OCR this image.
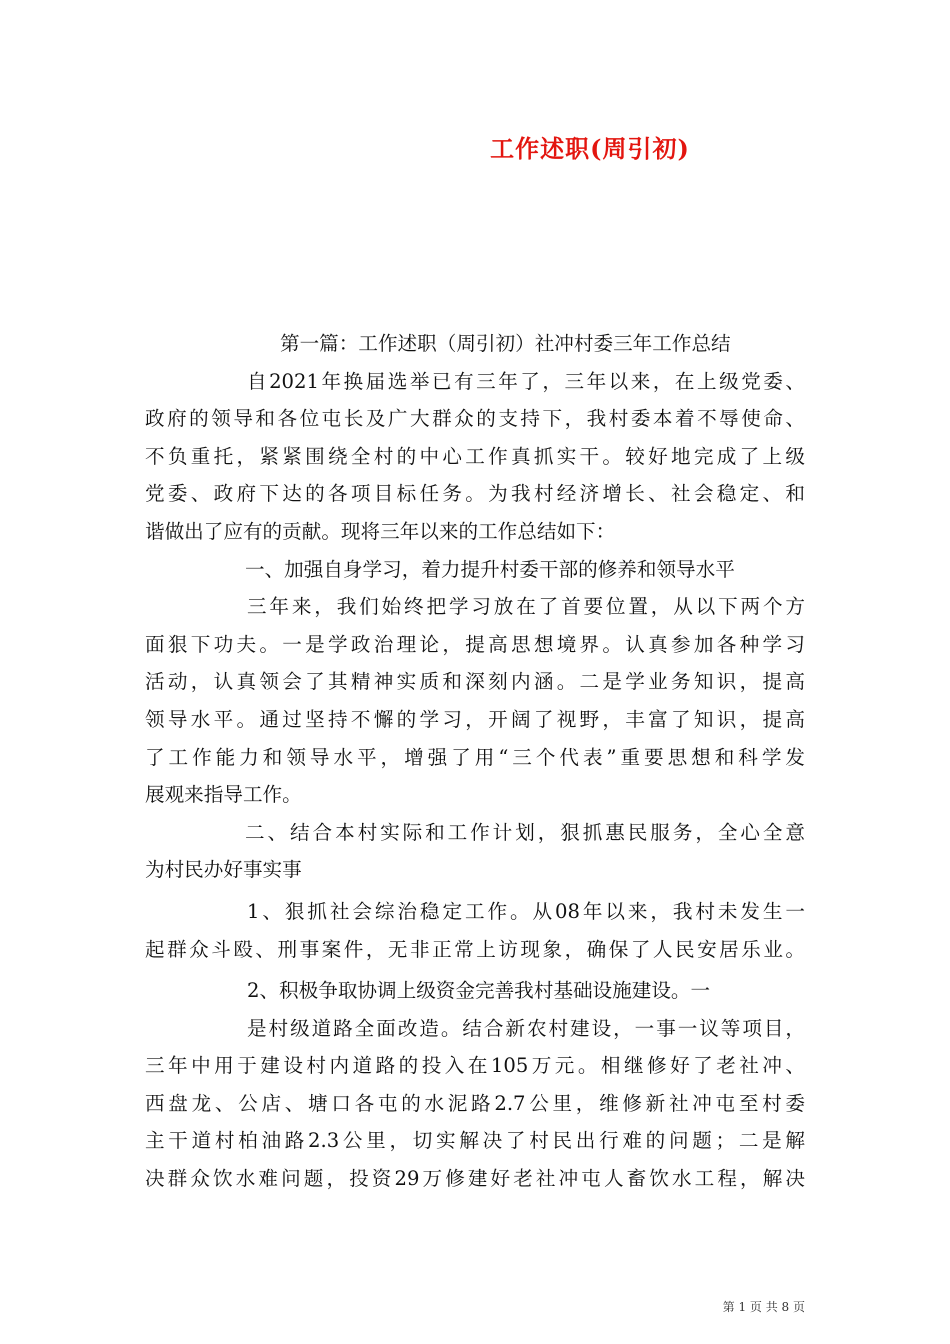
工作述职(周引初)
第一篇：工作述职（周引初）社冲村委三年工作总结
自2021年换届选举已有三年了，三年以来，在上级党委、
政府的领导和各位屯长及广大群众的支持下，我村委本着不辱使命、
不负重托，紧紧围绕全村的中心工作真抓实干。较好地完成了上级
党委、政府下达的各项目标任务。为我村经济增长、社会稳定、和
谐做出了应有的贡献。现将三年以来的工作总结如下：
一、加强自身学习，着力提升村委干部的修养和领导水平
三年来，我们始终把学习放在了首要位置，从以下两个方
面狠下功夫。一是学政治理论，提高思想境界。认真参加各种学习
活动，认真领会了其精神实质和深刻内涵。二是学业务知识，提高
领导水平。通过坚持不懈的学习，开阔了视野，丰富了知识，提高
了工作能力和领导水平，增强了用“三个代表”重要思想和科学发
展观来指导工作。
二、结合本村实际和工作计划，狠抓惠民服务，全心全意
为村民办好事实事
1、狠抓社会综治稳定工作。从08年以来，我村未发生一
起群众斗殴、刑事案件，无非正常上访现象，确保了人民安居乐业。
2、积极争取协调上级资金完善我村基础设施建设。一
是村级道路全面改造。结合新农村建设，一事一议等项目，
三年中用于建设村内道路的投入在105万元。相继修好了老社冲、
西盘龙、公店、塘口各屯的水泥路2.7公里，维修新社冲屯至村委
主干道村柏油路2.3公里，切实解决了村民出行难的问题；二是解
决群众饮水难问题，投资29万修建好老社冲屯人畜饮水工程，解决
第 1 页 共 8 页
